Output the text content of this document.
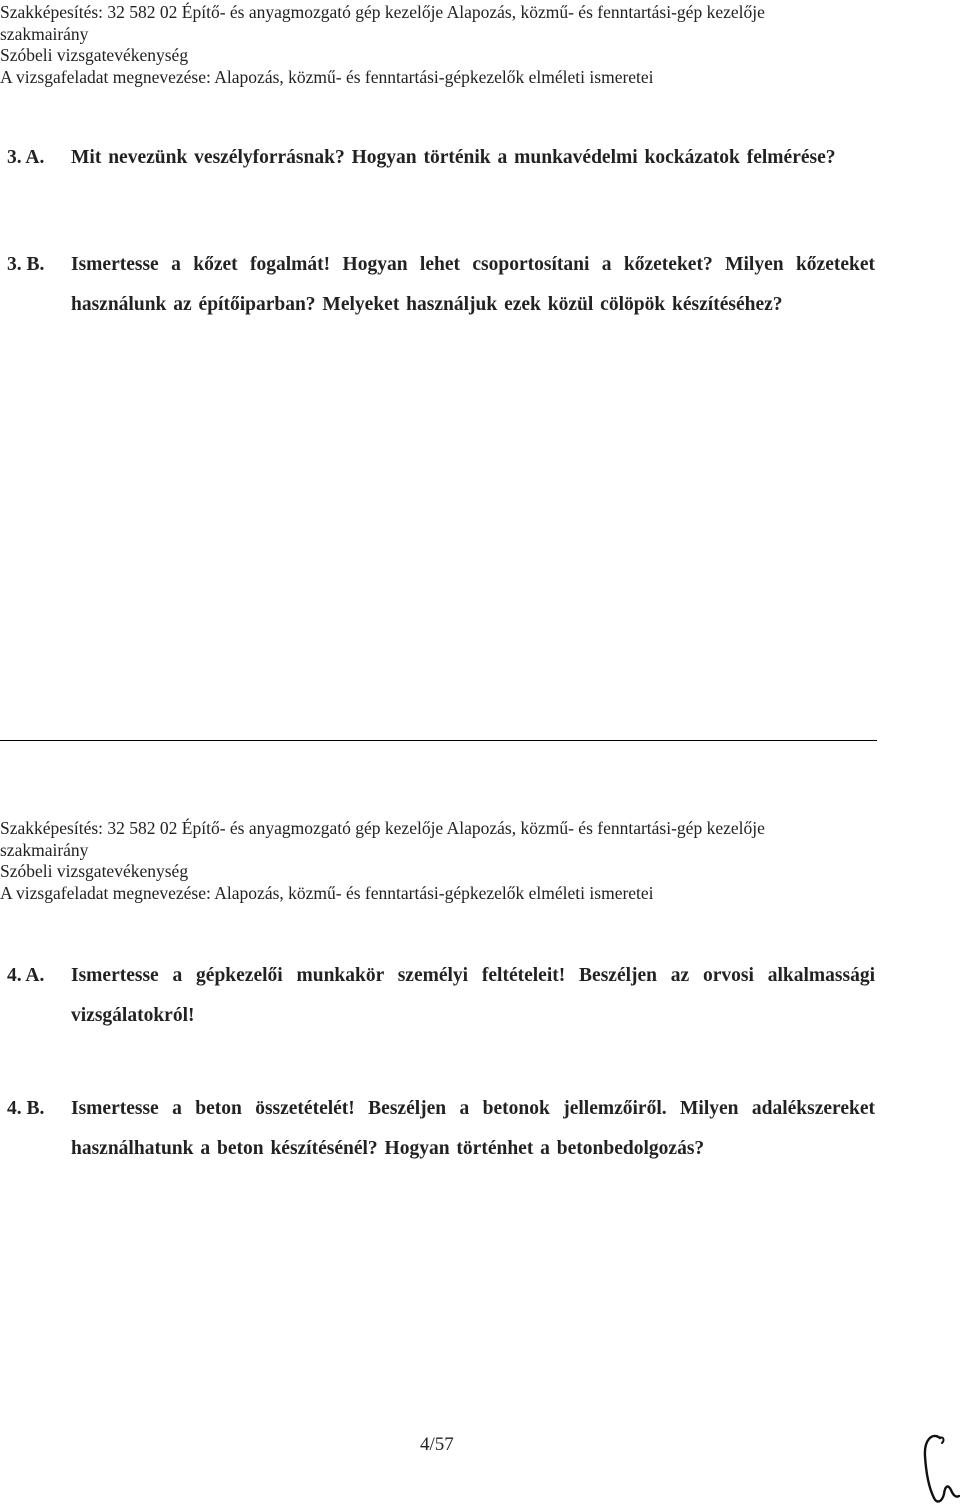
Szakképesítés: 32 582 02 Építő- és anyagmozgató gép kezelője Alapozás, közmű- és fenntartási-gép kezelője
szakmairány
Szóbeli vizsgatevékenység
A vizsgafeladat megnevezése: Alapozás, közmű- és fenntartási-gépkezelők elméleti ismeretei
3. A.	Mit nevezünk veszélyforrásnak? Hogyan történik a munkavédelmi kockázatok felmérése?
3. B.	Ismertesse a kőzet fogalmát! Hogyan lehet csoportosítani a kőzeteket? Milyen kőzeteket használunk az építőiparban? Melyeket használjuk ezek közül cölöpök készítéséhez?
Szakképesítés: 32 582 02 Építő- és anyagmozgató gép kezelője Alapozás, közmű- és fenntartási-gép kezelője
szakmairány
Szóbeli vizsgatevékenység
A vizsgafeladat megnevezése: Alapozás, közmű- és fenntartási-gépkezelők elméleti ismeretei
4. A.	Ismertesse a gépkezelői munkakör személyi feltételeit! Beszéljen az orvosi alkalmassági vizsgálatokról!
4. B.	Ismertesse a beton összetételét! Beszéljen a betonok jellemzőiről. Milyen adalékszereket használhatunk a beton készítésénél? Hogyan történhet a betonbedolgozás?
4/57
